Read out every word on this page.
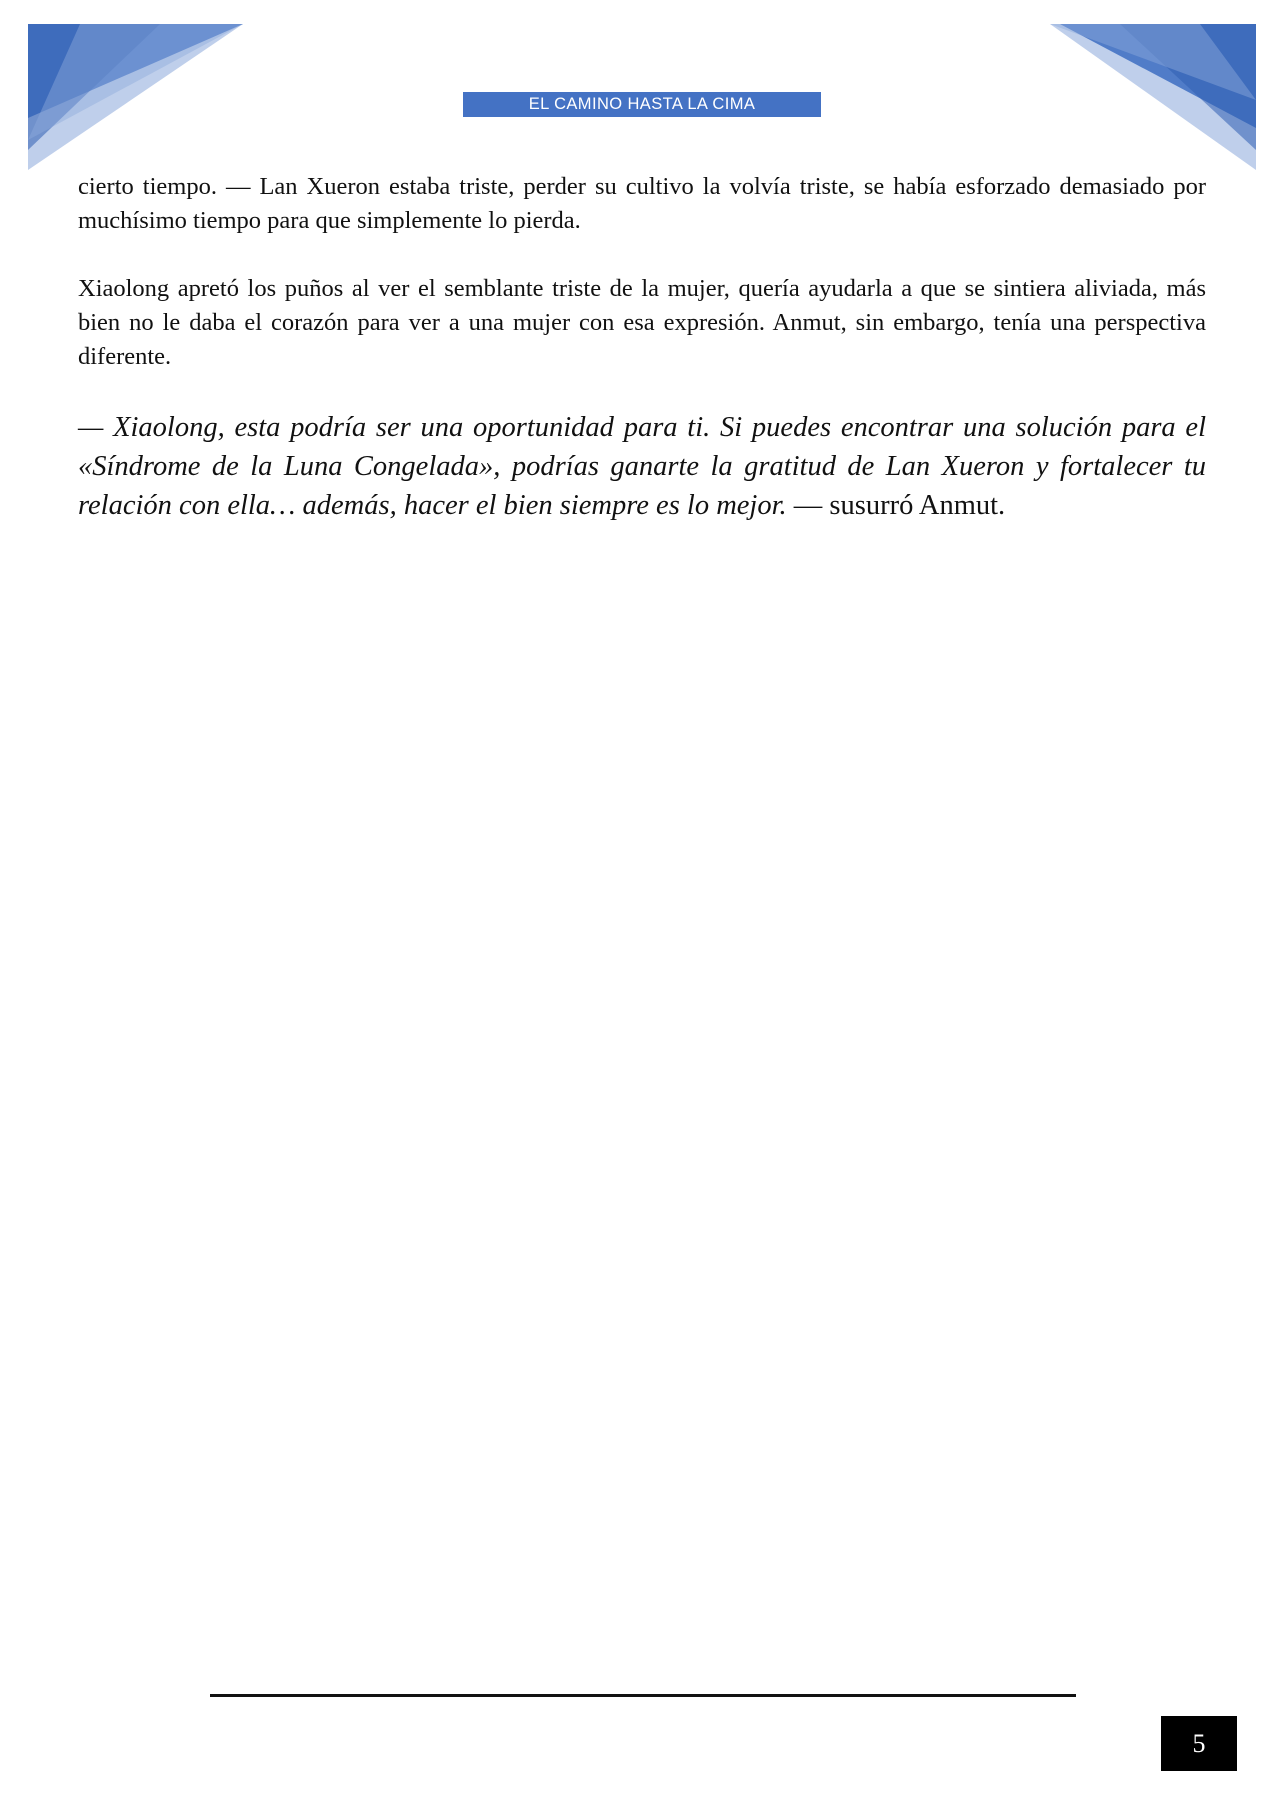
EL CAMINO HASTA LA CIMA

cierto tiempo. — Lan Xueron estaba triste, perder su cultivo la volvía triste, se había esforzado demasiado por muchísimo tiempo para que simplemente lo pierda.

Xiaolong apretó los puños al ver el semblante triste de la mujer, quería ayudarla a que se sintiera aliviada, más bien no le daba el corazón para ver a una mujer con esa expresión. Anmut, sin embargo, tenía una perspectiva diferente.

— Xiaolong, esta podría ser una oportunidad para ti. Si puedes encontrar una solución para el «Síndrome de la Luna Congelada», podrías ganarte la gratitud de Lan Xueron y fortalecer tu relación con ella… además, hacer el bien siempre es lo mejor. — susurró Anmut.

5
